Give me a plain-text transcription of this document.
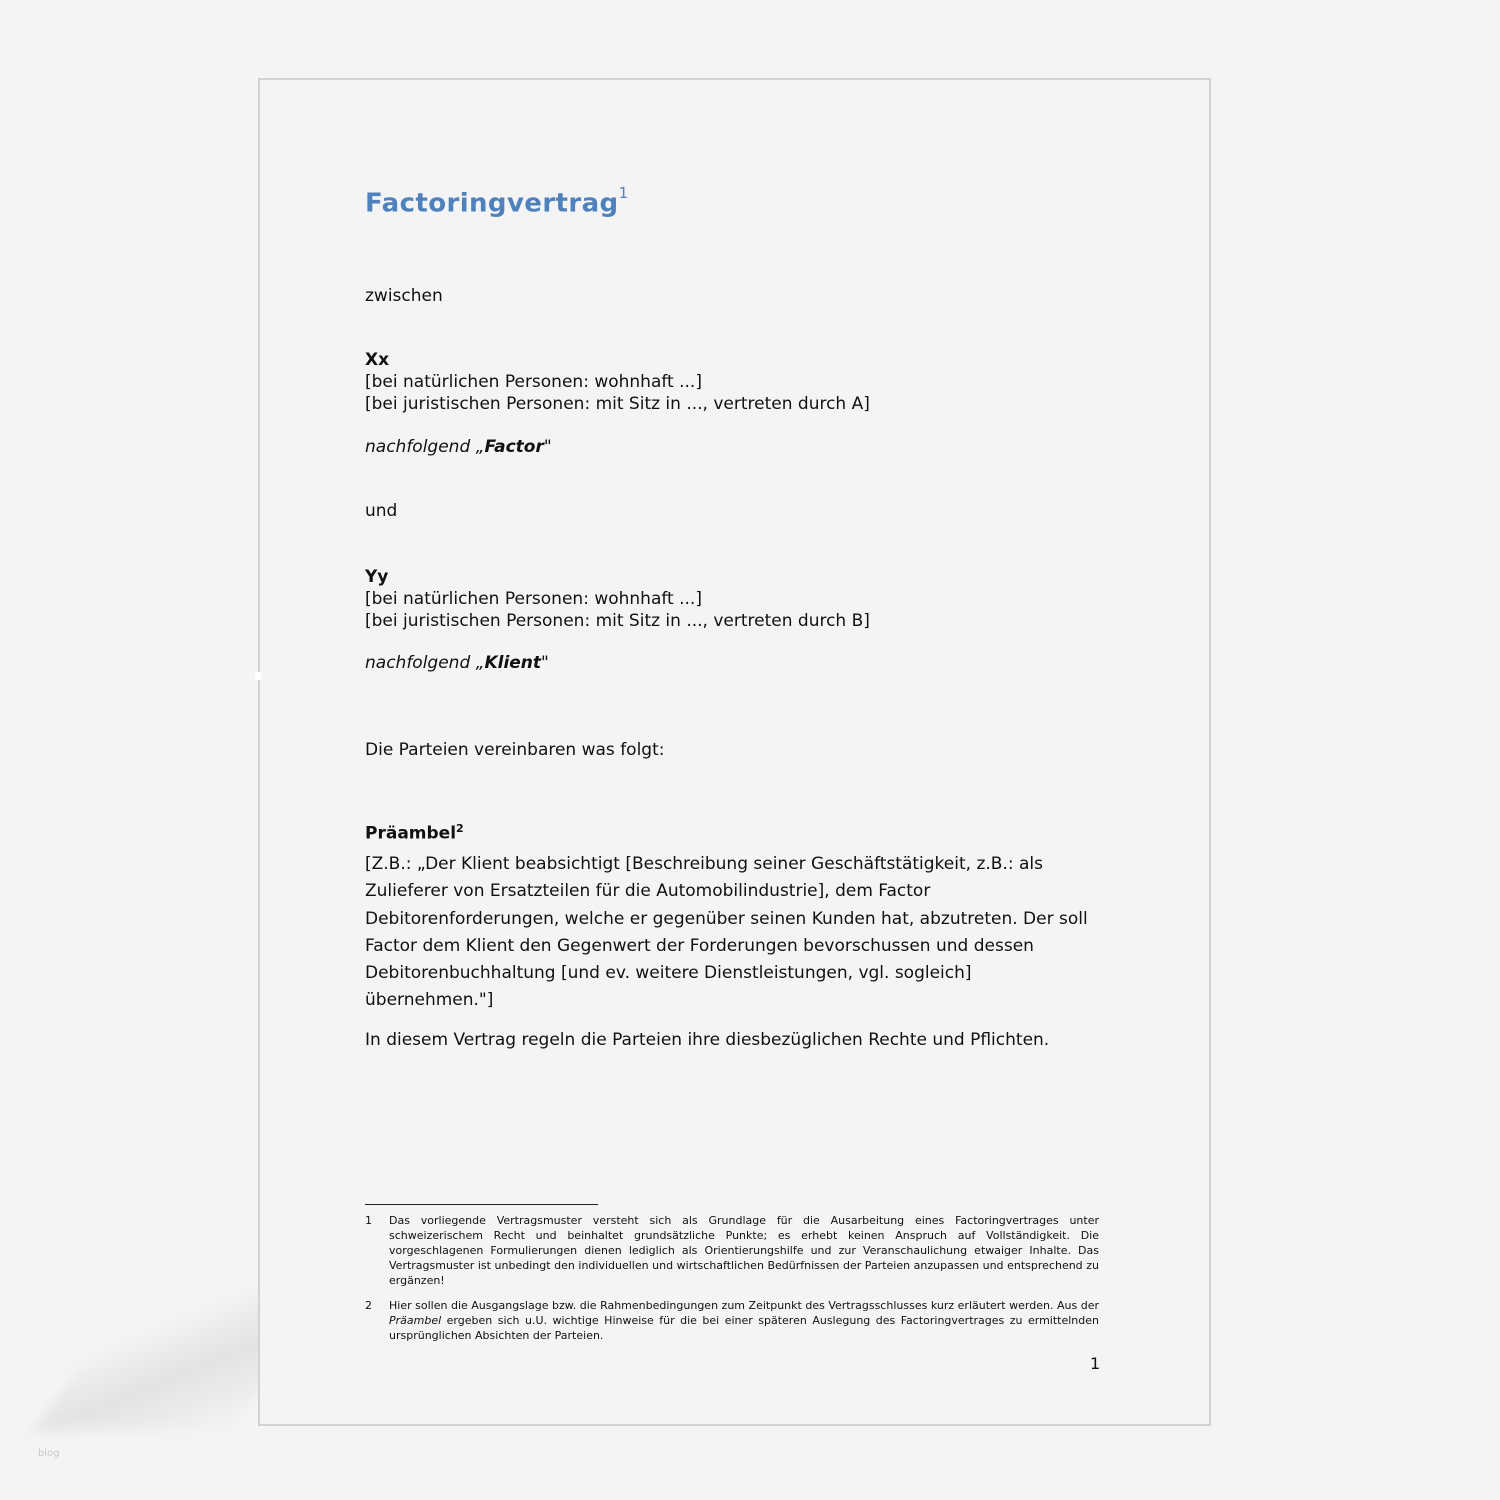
Factoringvertrag$^1$
zwischen
Xx
[bei natürlichen Personen: wohnhaft ...]
[bei juristischen Personen: mit Sitz in ..., vertreten durch A]
nachfolgend „Factor"
und
Yy
[bei natürlichen Personen: wohnhaft ...]
[bei juristischen Personen: mit Sitz in ..., vertreten durch B]
nachfolgend „Klient"
Die Parteien vereinbaren was folgt:
Präambel$^2$
[Z.B.: „Der Klient beabsichtigt [Beschreibung seiner Geschäftstätigkeit, z.B.: als Zulieferer von Ersatzteilen für die Automobilindustrie], dem Factor Debitorenforderungen, welche er gegenüber seinen Kunden hat, abzutreten. Der soll Factor dem Klient den Gegenwert der Forderungen bevorschussen und dessen Debitorenbuchhaltung [und ev. weitere Dienstleistungen, vgl. sogleich] übernehmen."]
In diesem Vertrag regeln die Parteien ihre diesbezüglichen Rechte und Pflichten.
1	Das vorliegende Vertragsmuster versteht sich als Grundlage für die Ausarbeitung eines Factoringvertrages unter schweizerischem Recht und beinhaltet grundsätzliche Punkte; es erhebt keinen Anspruch auf Vollständigkeit. Die vorgeschlagenen Formulierungen dienen lediglich als Orientierungshilfe und zur Veranschaulichung etwaiger Inhalte. Das Vertragsmuster ist unbedingt den individuellen und wirtschaftlichen Bedürfnissen der Parteien anzupassen und entsprechend zu ergänzen!
2	Hier sollen die Ausgangslage bzw. die Rahmenbedingungen zum Zeitpunkt des Vertragsschlusses kurz erläutert werden. Aus der Präambel ergeben sich u.U. wichtige Hinweise für die bei einer späteren Auslegung des Factoringvertrages zu ermittelnden ursprünglichen Absichten der Parteien.
1
blog
